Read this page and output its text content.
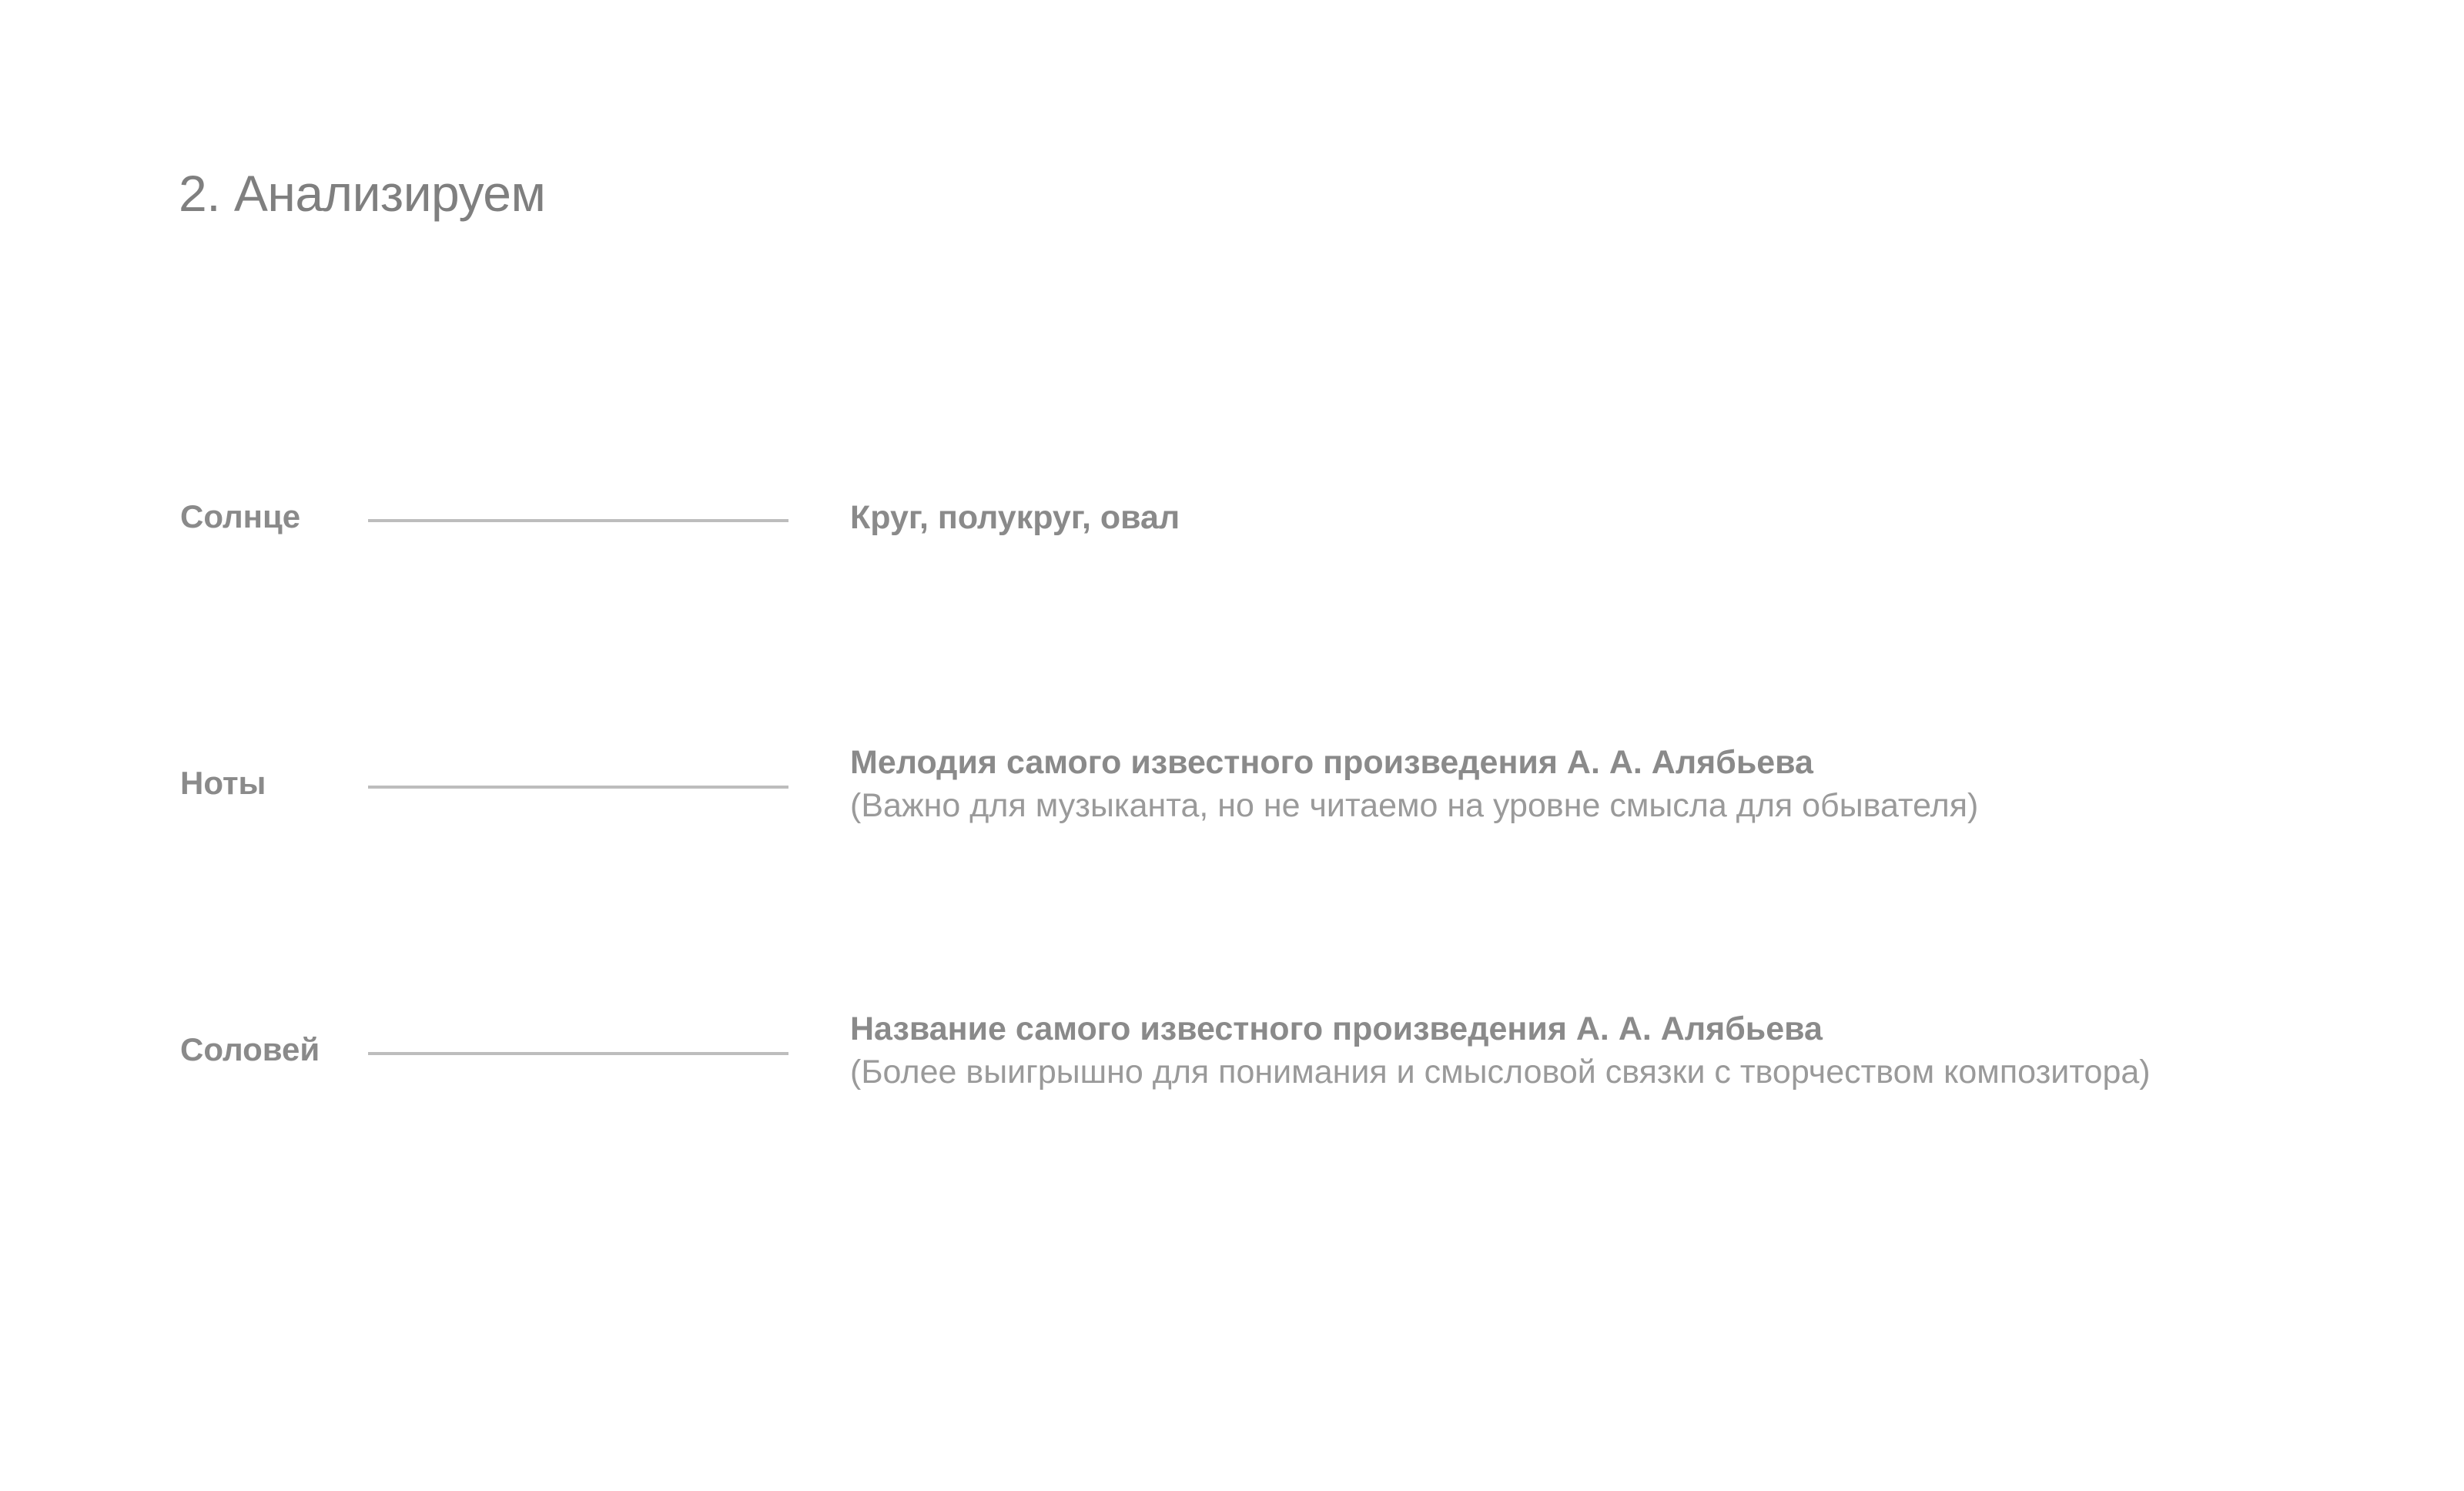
2. Анализируем
Солнце	Круг, полукруг, овал
Ноты
Мелодия самого известного произведения А. А. Алябьева
(Важно для музыканта, но не читаемо на уровне смысла для обывателя)
Соловей
Название самого известного произведения А. А. Алябьева
(Более выигрышно для понимания и смысловой связки с творчеством композитора)
